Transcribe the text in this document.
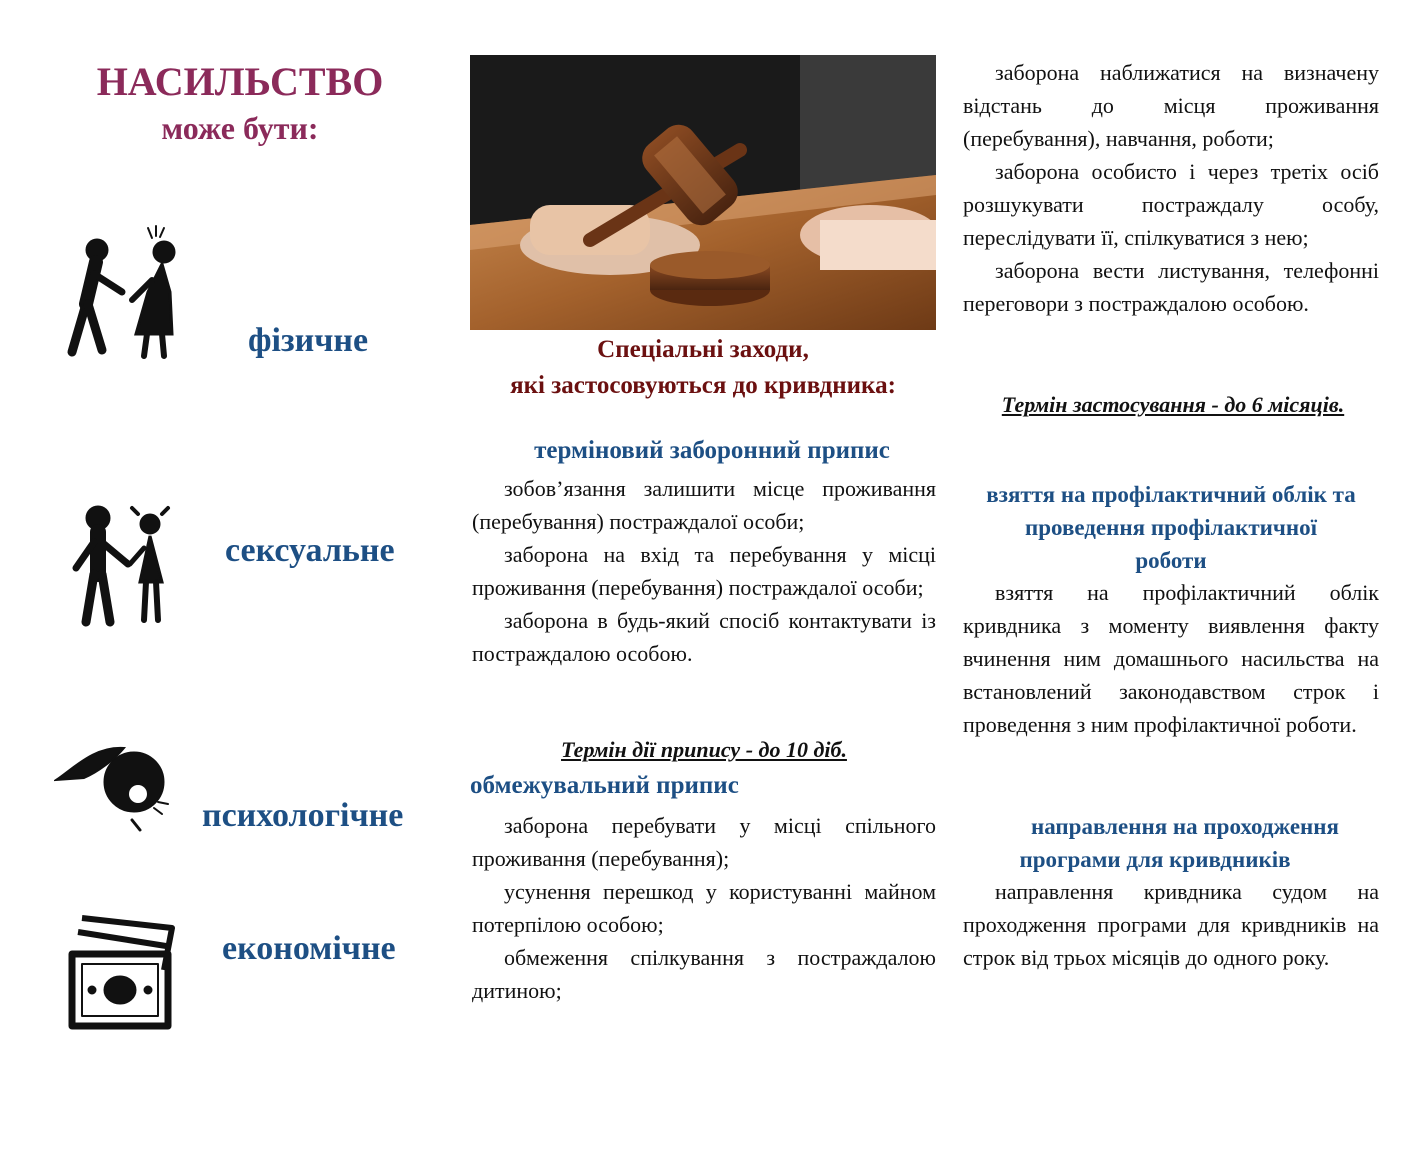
НАСИЛЬСТВО
може бути:
фізичне
сексуальне
психологічне
економічне
Спеціальні заходи,
які застосовуються до кривдника:
терміновий заборонний припис

зобов’язання залишити місце проживання (перебування) постраждалої особи;

заборона на вхід та перебування у місці проживання (перебування) постраждалої особи;

заборона в будь-який спосіб контактувати із постраждалою особою.

Термін дії припису - до 10 діб.
обмежувальний припис

заборона перебувати у місці спільного проживання (перебування);

усунення перешкод у користуванні майном потерпілою особою;

обмеження спілкування з постраждалою дитиною;

заборона наближатися на визначену відстань до місця проживання (перебування), навчання, роботи;

заборона особисто і через третіх осіб розшукувати постраждалу особу, переслідувати її, спілкуватися з нею;

заборона вести листування, телефонні переговори з постраждалою особою.

Термін застосування - до 6 місяців.
взяття на профілактичний облік та
проведення профілактичної
роботи

взяття на профілактичний облік кривдника з моменту виявлення факту вчинення ним домашнього насильства на встановлений законодавством строк і проведення з ним профілактичної роботи.

направлення на проходження
програми для кривдників

направлення кривдника судом на проходження програми для кривдників на строк від трьох місяців до одного року.
